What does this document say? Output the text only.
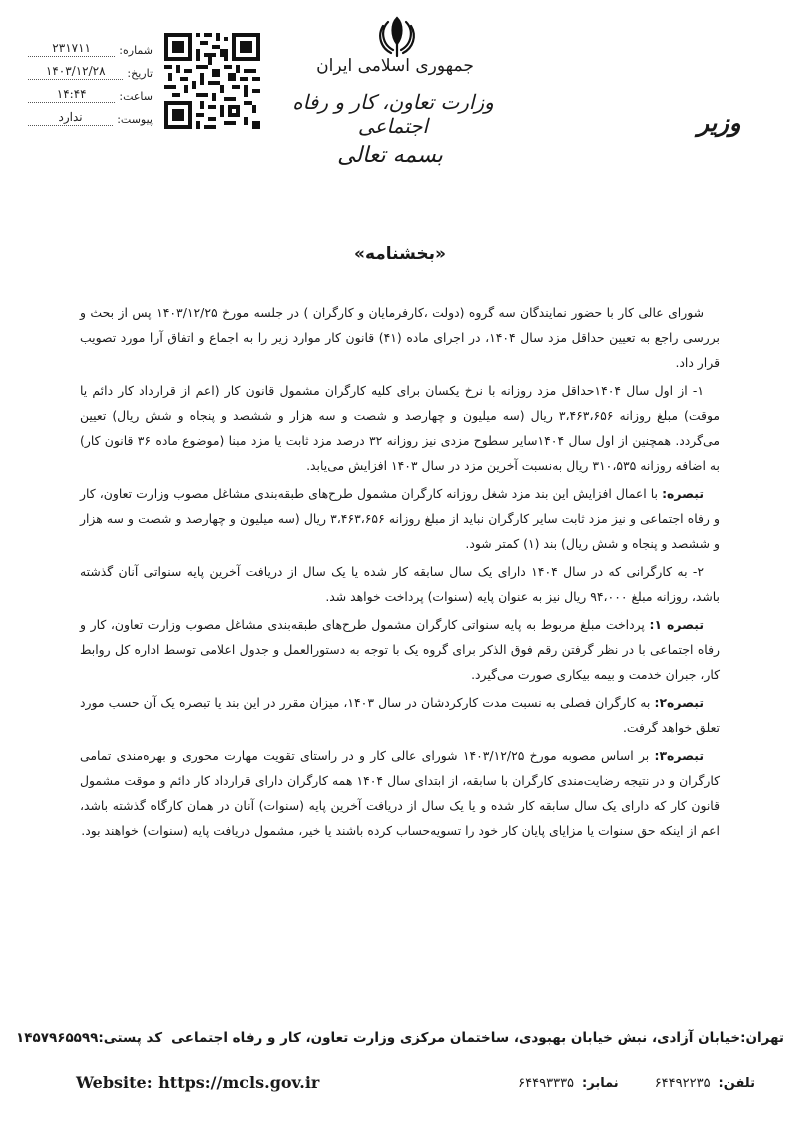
شماره:
۲۳۱۷۱۱
تاریخ:
۱۴۰۳/۱۲/۲۸
ساعت:
۱۴:۴۴
پیوست:
ندارد
جمهوری اسلامی ایران
وزارت تعاون، کار و رفاه اجتماعی
بسمه تعالی
وزیر
«بخشنامه»

شورای عالی کار با حضور نمایندگان سه گروه (دولت ،کارفرمایان و کارگران ) در جلسه مورخ ۱۴۰۳/۱۲/۲۵ پس از بحث و بررسی راجع به تعیین حداقل مزد سال ۱۴۰۴، در اجرای ماده (۴۱) قانون کار موارد زیر را به اجماع و اتفاق آرا مورد تصویب قرار داد.

۱- از اول سال ۱۴۰۴حداقل مزد روزانه با نرخ یکسان برای کلیه کارگران مشمول قانون کار (اعم از قرارداد کار دائم یا موقت) مبلغ روزانه ۳،۴۶۳،۶۵۶ ریال (سه میلیون و چهارصد و شصت و سه هزار و ششصد و پنجاه و شش ریال) تعیین می‌گردد. همچنین از اول سال ۱۴۰۴سایر سطوح مزدی نیز روزانه ۳۲ درصد مزد ثابت یا مزد مبنا (موضوع ماده ۳۶ قانون کار) به اضافه روزانه ۳۱۰،۵۳۵ ریال به‌نسبت آخرین مزد در سال ۱۴۰۳ افزایش می‌یابد.

تبصره: با اعمال افزایش این بند مزد شغل روزانه کارگران مشمول طرح‌های طبقه‌بندی مشاغل مصوب وزارت تعاون، کار و رفاه اجتماعی و نیز مزد ثابت سایر کارگران نباید از مبلغ روزانه ۳،۴۶۳،۶۵۶ ریال (سه میلیون و چهارصد و شصت و سه هزار و ششصد و پنجاه و شش ریال) بند (۱) کمتر شود.

۲- به کارگرانی که در سال ۱۴۰۴ دارای یک سال سابقه کار شده یا یک سال از دریافت آخرین پایه سنواتی آنان گذشته باشد، روزانه مبلغ ۹۴،۰۰۰ ریال نیز به عنوان پایه (سنوات) پرداخت خواهد شد.

تبصره ۱: پرداخت مبلغ مربوط به پایه سنواتی کارگران مشمول طرح‌های طبقه‌بندی مشاغل مصوب وزارت تعاون، کار و رفاه اجتماعی با در نظر گرفتن رقم فوق الذکر برای گروه یک با توجه به دستورالعمل و جدول اعلامی توسط اداره کل روابط کار، جبران خدمت و بیمه بیکاری صورت می‌گیرد.

تبصره۲: به کارگران فصلی به نسبت مدت کارکردشان در سال ۱۴۰۳، میزان مقرر در این بند یا تبصره یک آن حسب مورد تعلق خواهد گرفت.

تبصره۳: بر اساس مصوبه مورخ ۱۴۰۳/۱۲/۲۵ شورای عالی کار و در راستای تقویت مهارت محوری و بهره‌مندی تمامی کارگران و در نتیجه رضایت‌مندی کارگران با سابقه، از ابتدای سال ۱۴۰۴ همه کارگران دارای قرارداد کار دائم و موقت مشمول قانون کار که دارای یک سال سابقه کار شده و یا یک سال از دریافت آخرین پایه (سنوات) آنان در همان کارگاه گذشته باشد، اعم از اینکه حق سنوات یا مزایای پایان کار خود را تسویه‌حساب کرده باشند یا خیر، مشمول دریافت پایه (سنوات) خواهند بود.

تهران:خیابان آزادی، نبش خیابان بهبودی، ساختمان مرکزی وزارت تعاون، کار و رفاه اجتماعی
کد پستی:۱۴۵۷۹۶۵۵۹۹
Website: https://mcls.gov.ir	تلفن:
۶۴۴۹۲۲۳۵
نمابر:
۶۴۴۹۳۳۳۵
